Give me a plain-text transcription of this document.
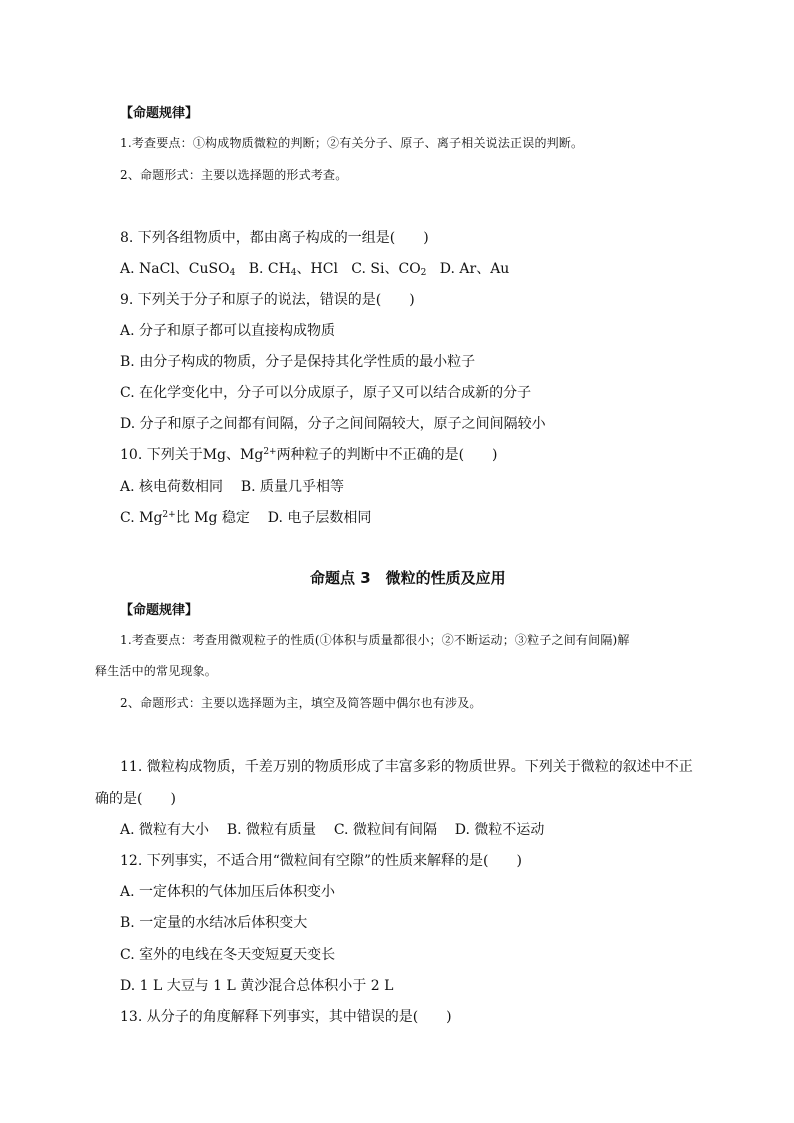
【命题规律】
1.考查要点：①构成物质微粒的判断；②有关分子、原子、离子相关说法正误的判断。
2、命题形式：主要以选择题的形式考查。
8. 下列各组物质中，都由离子构成的一组是(　　)
A. NaCl、CuSO$_4$ B. $CH_4$、HCl C. Si、$CO_2$ D. Ar、Au
9. 下列关于分子和原子的说法，错误的是(　　)
A. 分子和原子都可以直接构成物质
B. 由分子构成的物质，分子是保持其化学性质的最小粒子
C. 在化学变化中，分子可以分成原子，原子又可以结合成新的分子
D. 分子和原子之间都有间隔，分子之间间隔较大，原子之间间隔较小
10. 下列关于Mg、$Mg^{2+}$两种粒子的判断中不正确的是(　　)
A. 核电荷数相同 B. 质量几乎相等
C. $Mg^{2+}$比 Mg 稳定 D. 电子层数相同
命题点 3　微粒的性质及应用
【命题规律】
1.考查要点：考查用微观粒子的性质(①体积与质量都很小；②不断运动；③粒子之间有间隔)解
释生活中的常见现象。
2、命题形式：主要以选择题为主，填空及简答题中偶尔也有涉及。
11. 微粒构成物质，千差万别的物质形成了丰富多彩的物质世界。下列关于微粒的叙述中不正
确的是(　　)
A. 微粒有大小 B. 微粒有质量 C. 微粒间有间隔 D. 微粒不运动
12. 下列事实，不适合用“微粒间有空隙”的性质来解释的是(　　)
A. 一定体积的气体加压后体积变小
B. 一定量的水结冰后体积变大
C. 室外的电线在冬天变短夏天变长
D. 1 L 大豆与 1 L 黄沙混合总体积小于 2 L
13. 从分子的角度解释下列事实，其中错误的是(　　)
